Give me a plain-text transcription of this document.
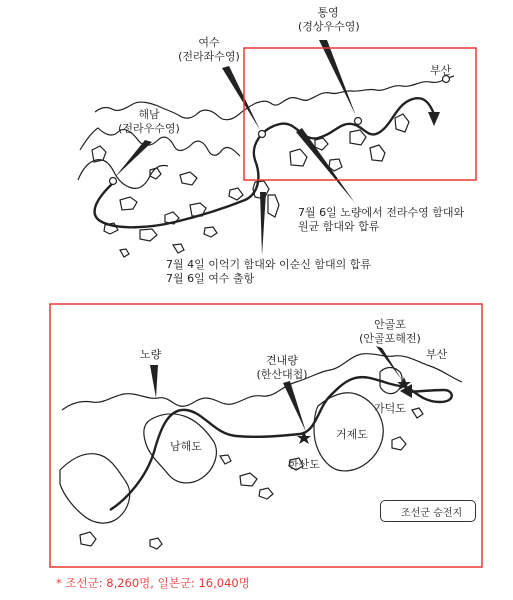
통영
(경상우수영)
여수
(전라좌수영)
해남
(전라우수영)
부산
7월 6일 노량에서 전라수영 함대와
원균 함대와 합류
7월 4일 이억기 함대와 이순신 함대의 합류
7월 6일 여수 출항
노량	견내량
(한산대첩)
안골포
(안골포해전)
부산
남해도
거제도
가덕도
한산도
조선군 승전지
* 조선군: 8,260명, 일본군: 16,040명
